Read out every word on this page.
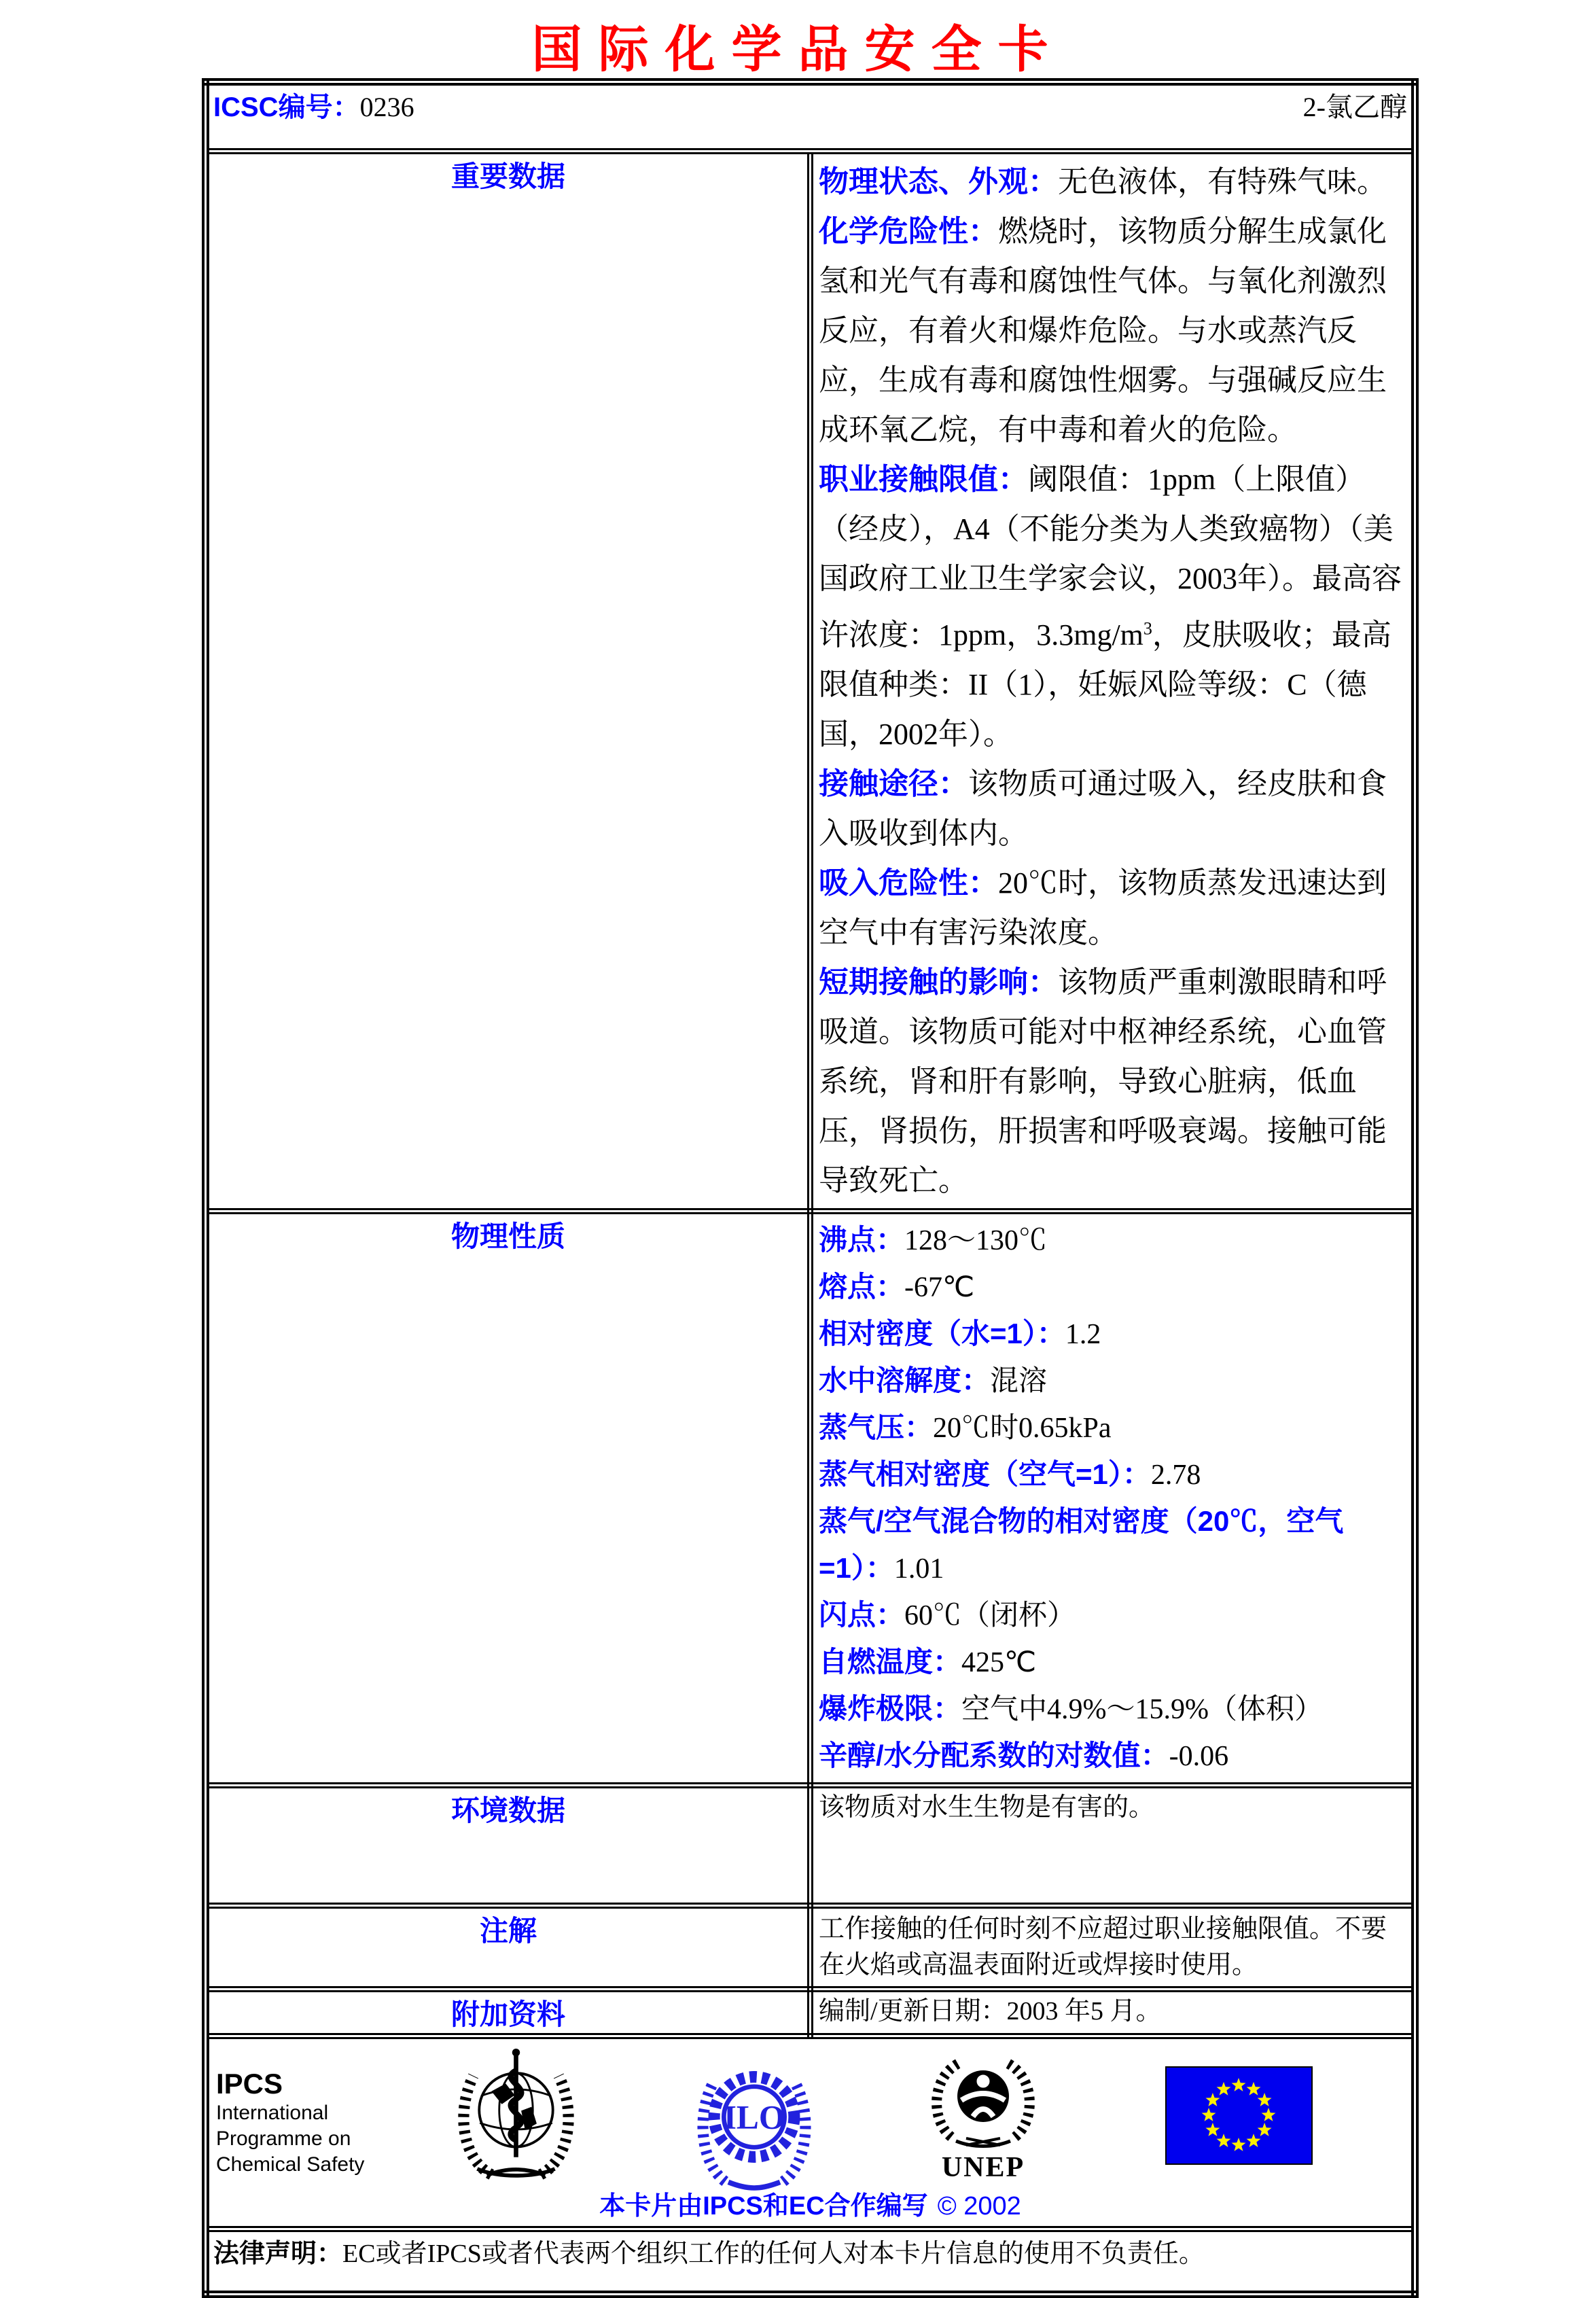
国际化学品安全卡
ICSC编号：0236 2-氯乙醇	

重要数据	物理状态、外观：无色液体，有特殊气味。

化学危险性：燃烧时，该物质分解生成氯化氢和光气有毒和腐蚀性气体。与氧化剂激烈反应，有着火和爆炸危险。与水或蒸汽反应，生成有毒和腐蚀性烟雾。与强碱反应生成环氧乙烷，有中毒和着火的危险。

职业接触限值：阈限值：1ppm（上限值）（经皮），A4（不能分类为人类致癌物）（美国政府工业卫生学家会议，2003年）。最高容许浓度：1ppm，$3.3mg/m^3$，皮肤吸收；最高限值种类：II（1），妊娠风险等级：C（德国，2002年）。

接触途径：该物质可通过吸入，经皮肤和食入吸收到体内。

吸入危险性：20℃时，该物质蒸发迅速达到空气中有害污染浓度。

短期接触的影响：该物质严重刺激眼睛和呼吸道。该物质可能对中枢神经系统，心血管系统，肾和肝有影响，导致心脏病，低血压，肾损伤，肝损害和呼吸衰竭。接触可能导致死亡。

物理性质	沸点：128～130℃
熔点：-67℃
相对密度（水=1）：1.2
水中溶解度：混溶
蒸气压：20℃时0.65kPa
蒸气相对密度（空气=1）：2.78
蒸气/空气混合物的相对密度（20℃，空气=1）：1.01
闪点：60℃（闭杯）
自燃温度：425℃
爆炸极限：空气中4.9%～15.9%（体积）
辛醇/水分配系数的对数值：-0.06

环境数据	该物质对水生生物是有害的。
注解	工作接触的任何时刻不应超过职业接触限值。不要在火焰或高温表面附近或焊接时使用。
附加资料	编制/更新日期：2003 年5 月。

IPCS
International
Programme on
Chemical Safety
ILO
UNEP
本卡片由IPCS和EC合作编写 © 2002

法律声明：EC或者IPCS或者代表两个组织工作的任何人对本卡片信息的使用不负责任。	
